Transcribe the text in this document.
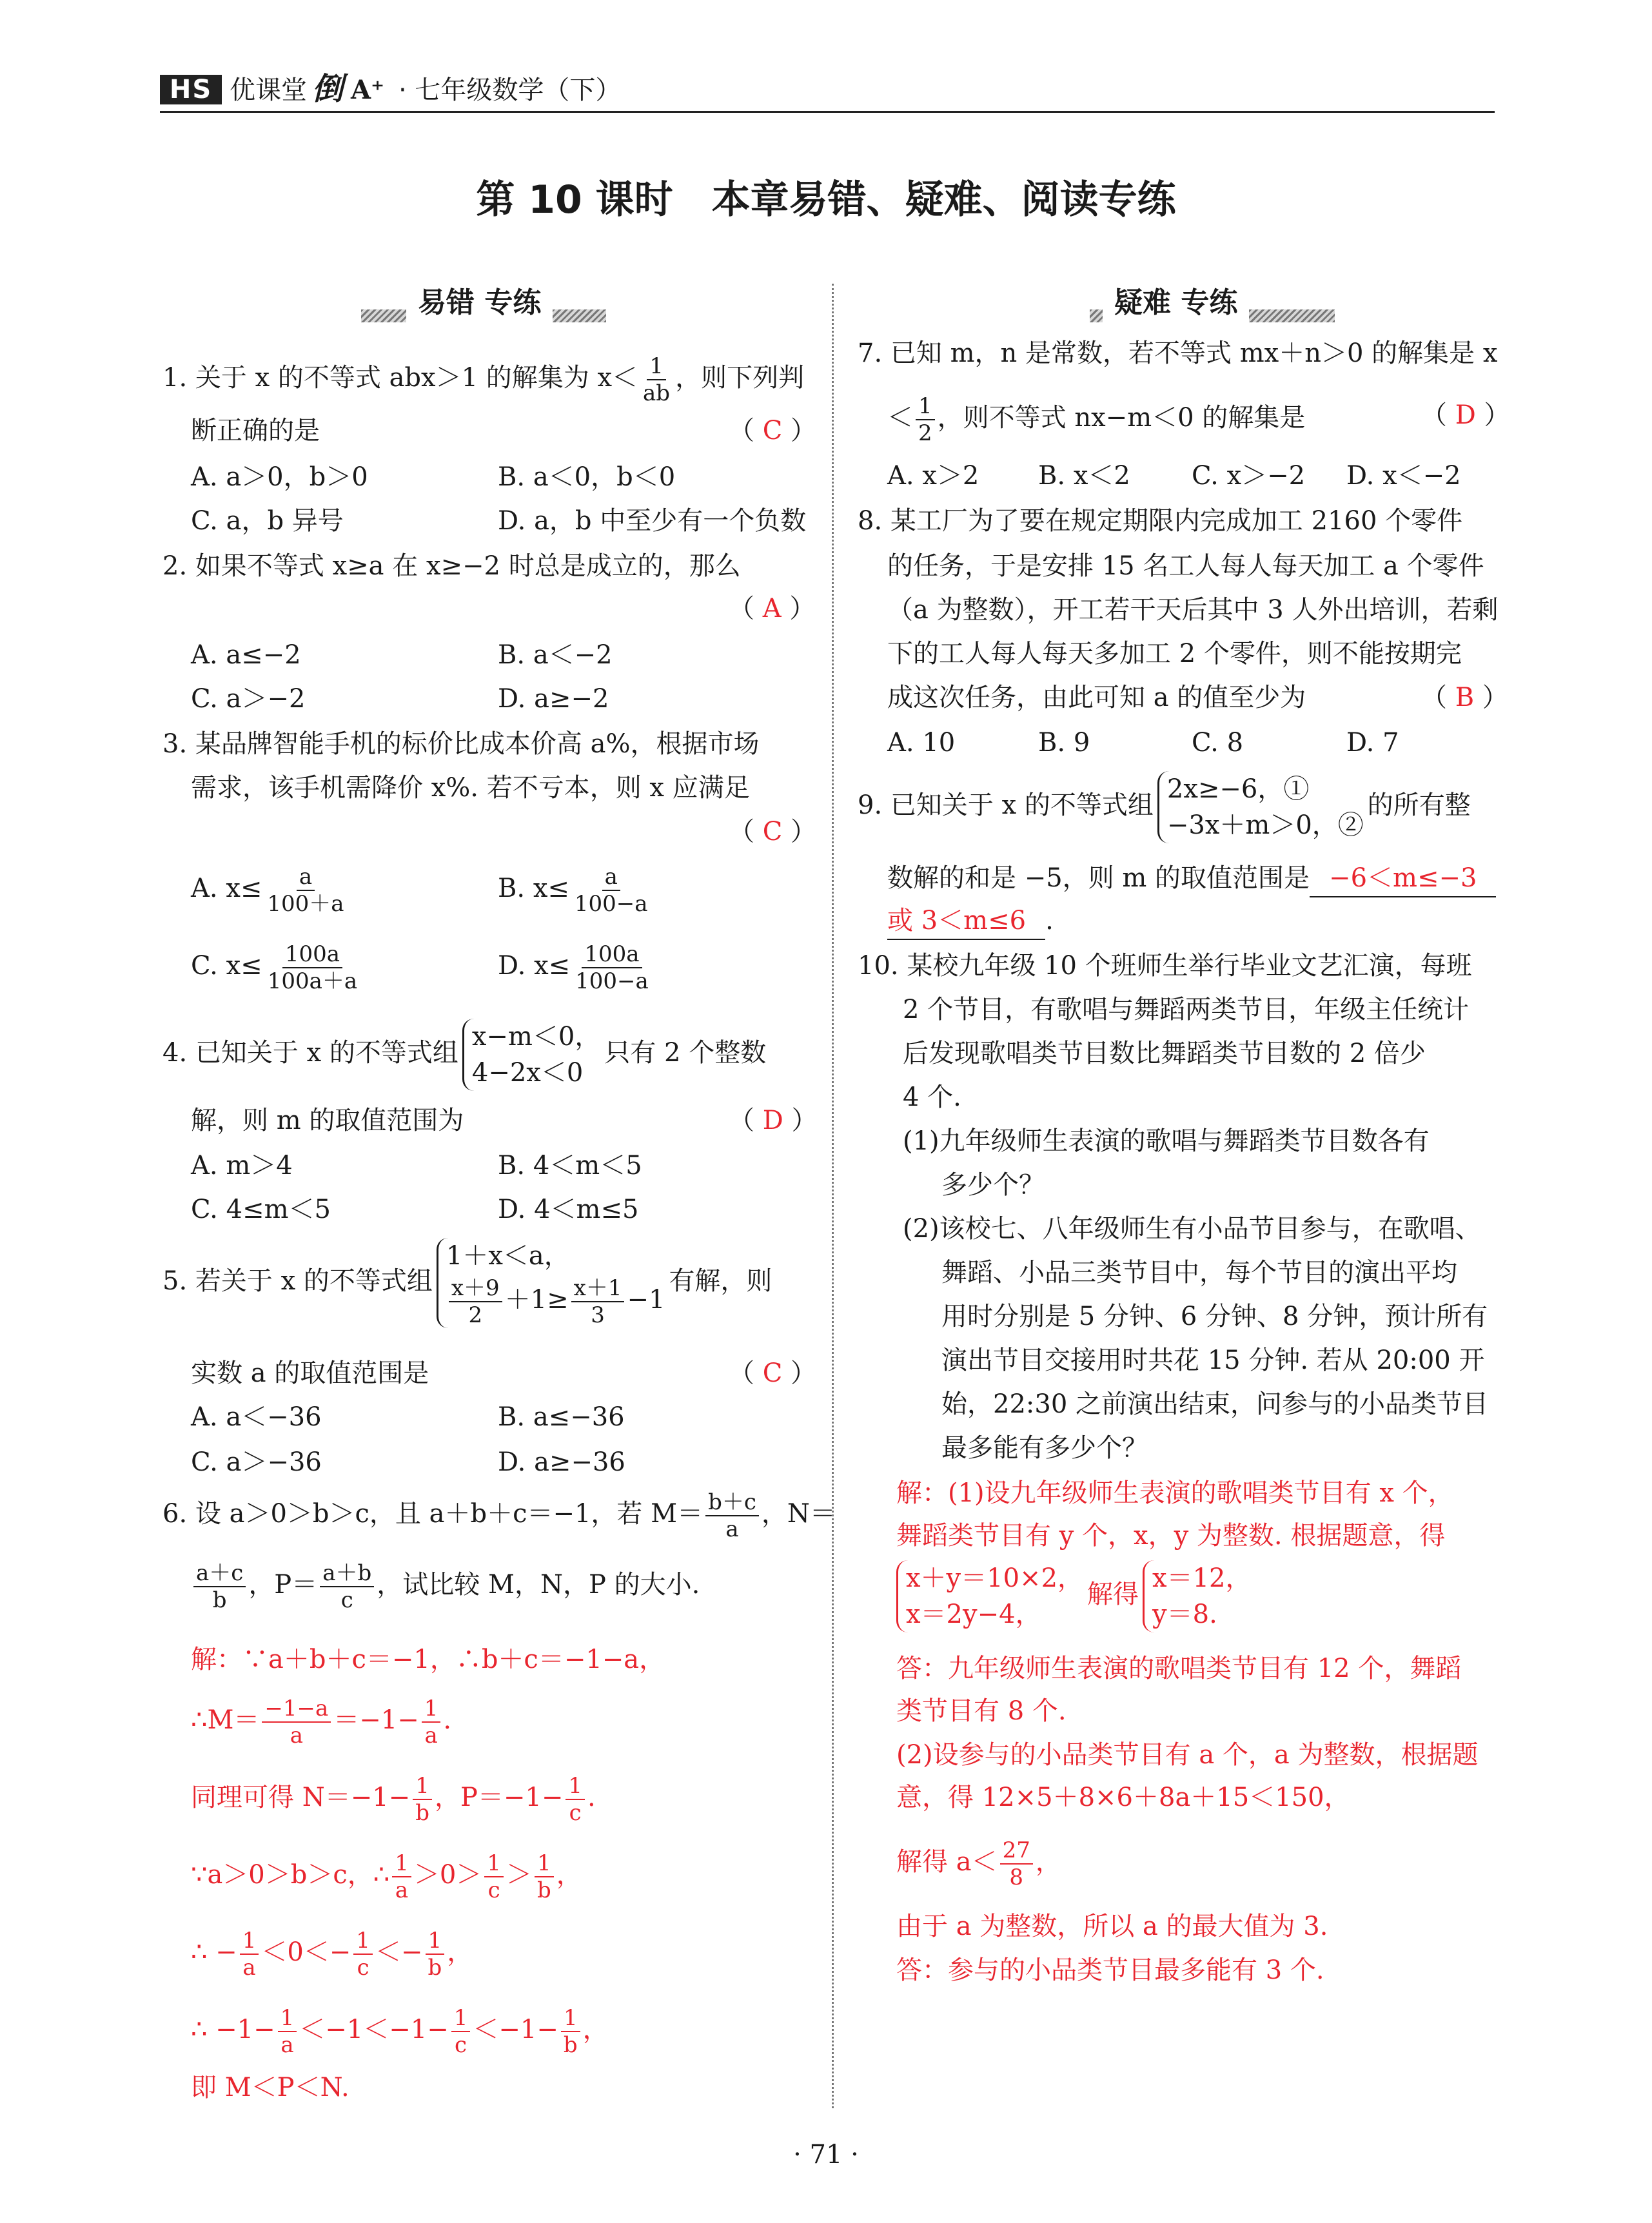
HS 优课堂 倒 A⁺ · 七年级数学（下）
第 10 课时　本章易错、疑难、阅读专练
易错 专练	疑难 专练
1. 关于 x 的不等式 abx＞1 的解集为 $x< \frac{1}{ab}$ ，则下列判
断正确的是	（ C ）
A. a＞0，b＞0	B. a＜0，b＜0
C. a，b 异号	D. a，b 中至少有一个负数
2. 如果不等式 x≥a 在 x≥−2 时总是成立的，那么
（ A ）
A. a≤−2	B. a＜−2
C. a＞−2	D. a≥−2
3. 某品牌智能手机的标价比成本价高 a%，根据市场
需求，该手机需降价 x%. 若不亏本，则 x 应满足
（ C ）
A. $x\le \frac{a}{100+a}$	B. $x\le \frac{a}{100-a}$
C. $x\le \frac{100a}{100a+a}$	D. $x\le \frac{100a}{100-a}$
4. 已知关于 x 的不等式组
x−m＜0，
4−2x＜0
只有 2 个整数
解，则 m 的取值范围为	（ D ）
A. m＞4	B. 4＜m＜5
C. 4≤m＜5	D. 4＜m≤5
5. 若关于 x 的不等式组
1＋x＜a，
$\frac{x+9}{2} +1\ge \frac{x+1}{3} -1$
有解，则
实数 a 的取值范围是	（ C ）
A. a＜−36	B. a≤−36
C. a＞−36	D. a≥−36
6. 设 a＞0＞b＞c，且 a＋b＋c＝−1，若 $M= \frac{b+c}{a}$ ，N＝
$\frac{a+c}{b}$ ，$P= \frac{a+b}{c}$ ，试比较 M，N，P 的大小.
解：∵a＋b＋c＝−1，∴b＋c＝−1−a，
∴M＝ $\frac{-1-a}{a} =-1- \frac{1}{a}$ .
同理可得 $N=-1- \frac{1}{b}$ ，$P=-1- \frac{1}{c}$ .
∵a＞0＞b＞c，∴ $\frac{1}{a} >0> \frac{1}{c} > \frac{1}{b}$ ，
∴ − $\frac{1}{a} <0<- \frac{1}{c} <- \frac{1}{b}$ ，
∴ $-1- \frac{1}{a} <-1<-1- \frac{1}{c} <-1- \frac{1}{b}$ ，
即 M＜P＜N.
7. 已知 m，n 是常数，若不等式 mx＋n＞0 的解集是 x
＜ $\frac{1}{2}$ ，则不等式 nx−m＜0 的解集是	（ D ）
A. x＞2 B. x＜2 C. x＞−2 D. x＜−2
8. 某工厂为了要在规定期限内完成加工 2160 个零件
的任务，于是安排 15 名工人每人每天加工 a 个零件
（a 为整数），开工若干天后其中 3 人外出培训，若剩
下的工人每人每天多加工 2 个零件，则不能按期完
成这次任务，由此可知 a 的值至少为	（ B ）
A. 10	B. 9	C. 8	D. 7
9. 已知关于 x 的不等式组
2x≥−6，①
−3x＋m＞0，②
的所有整
数解的和是 −5，则 m 的取值范围是 −6＜m≤−3
或 3＜m≤6 .
10. 某校九年级 10 个班师生举行毕业文艺汇演，每班
2 个节目，有歌唱与舞蹈两类节目，年级主任统计
后发现歌唱类节目数比舞蹈类节目数的 2 倍少
4 个.
(1)九年级师生表演的歌唱与舞蹈类节目数各有
多少个？
(2)该校七、八年级师生有小品节目参与，在歌唱、
舞蹈、小品三类节目中，每个节目的演出平均
用时分别是 5 分钟、6 分钟、8 分钟，预计所有
演出节目交接用时共花 15 分钟. 若从 20:00 开
始，22:30 之前演出结束，问参与的小品类节目
最多能有多少个？
解：(1)设九年级师生表演的歌唱类节目有 x 个，
舞蹈类节目有 y 个，x，y 为整数. 根据题意，得
x＋y＝10×2，
x＝2y−4，
解得
x＝12，
y＝8.
答：九年级师生表演的歌唱类节目有 12 个，舞蹈
类节目有 8 个.
(2)设参与的小品类节目有 a 个，a 为整数，根据题
意，得 12×5＋8×6＋8a＋15＜150，
解得 $a< \frac{27}{8}$ ，
由于 a 为整数，所以 a 的最大值为 3.
答：参与的小品类节目最多能有 3 个.
· 71 ·
